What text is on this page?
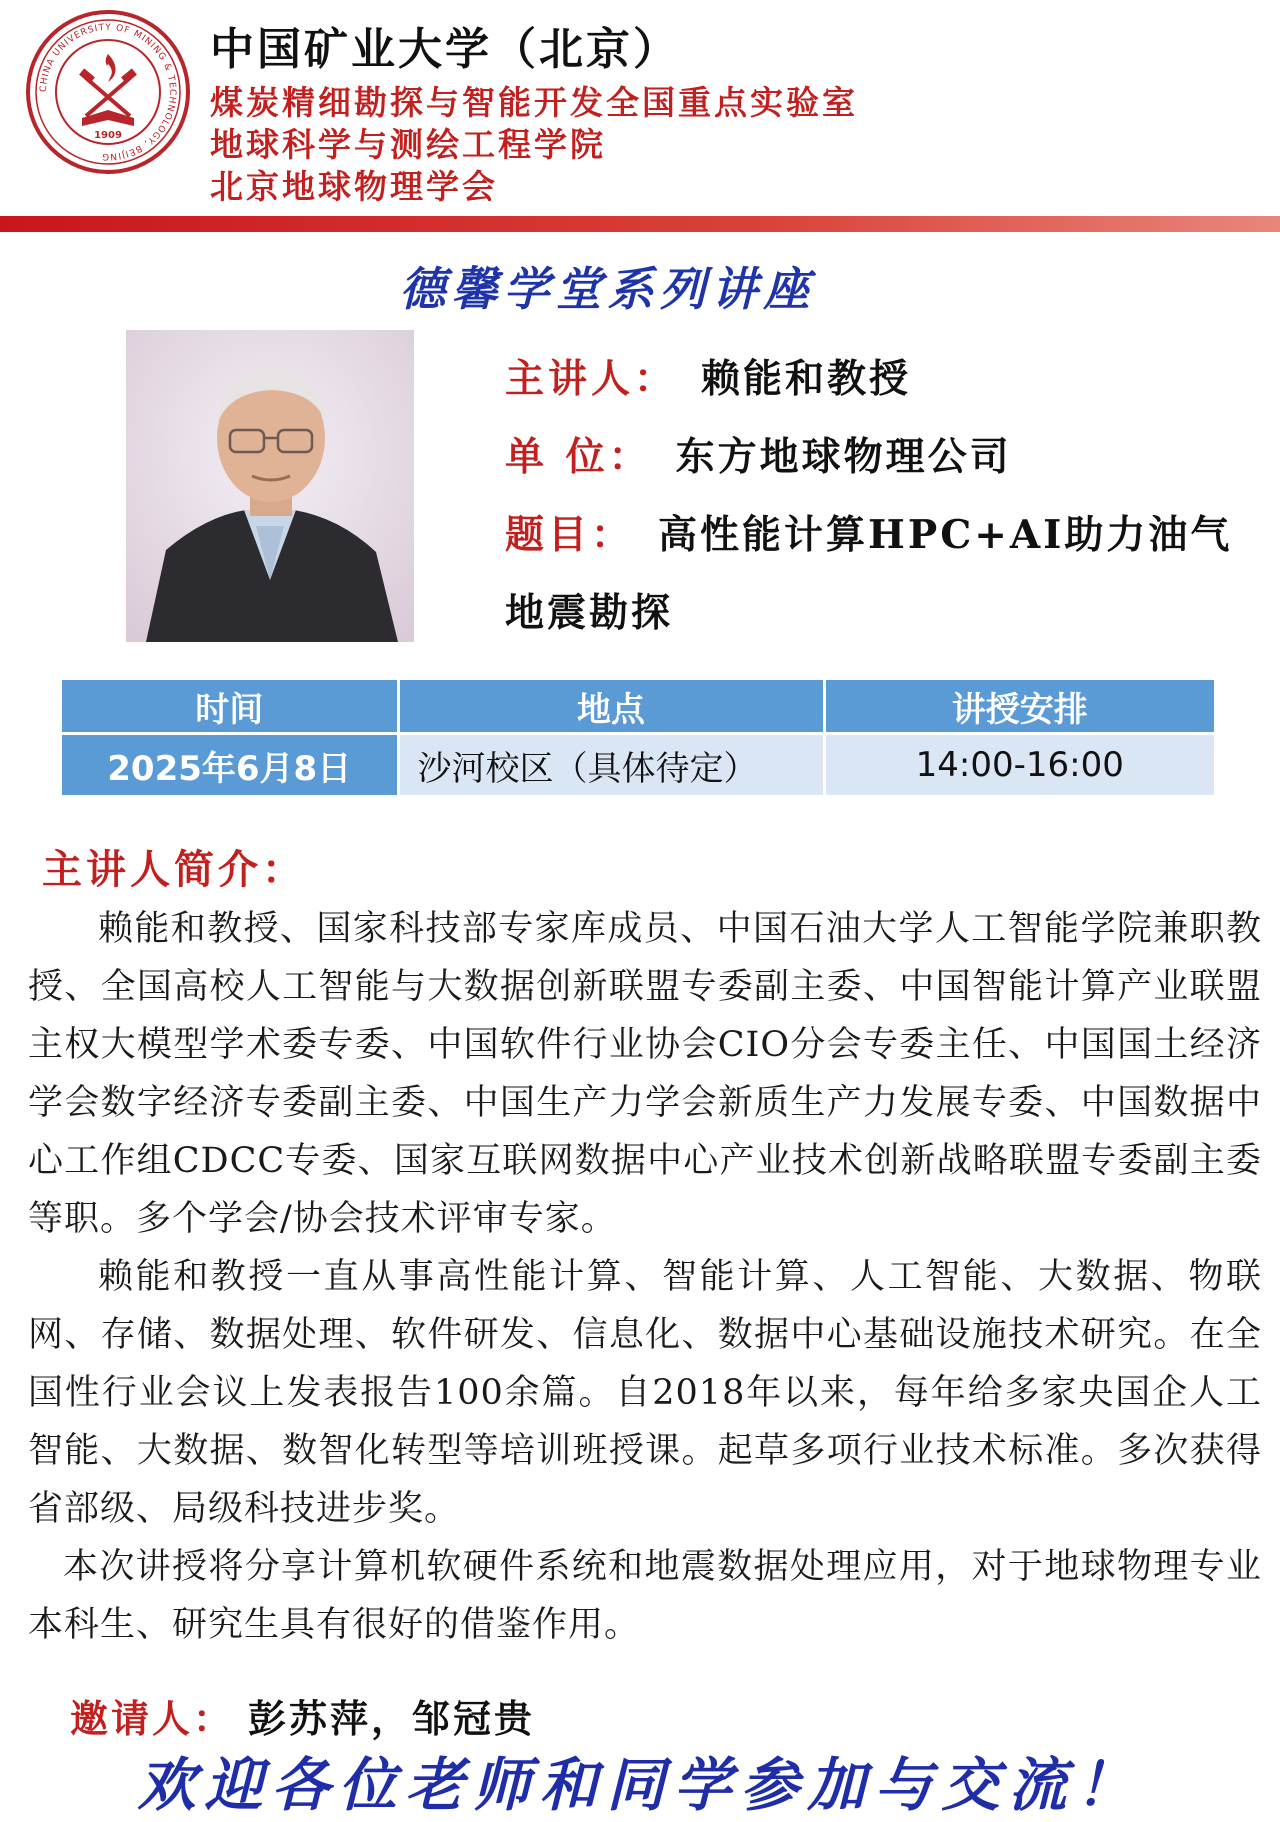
CHINA UNIVERSITY OF MINING & TECHNOLOGY, BEIJING
1909
中国矿业大学（北京）
煤炭精细勘探与智能开发全国重点实验室
地球科学与测绘工程学院
北京地球物理学会
德馨学堂系列讲座
主讲人： 赖能和教授
单 位： 东方地球物理公司
题目： 高性能计算HPC+AI助力油气
地震勘探
时间	地点	讲授安排
2025年6月8日	沙河校区（具体待定）	14:00-16:00
主讲人简介：

赖能和教授、国家科技部专家库成员、中国石油大学人工智能学院兼职教授、全国高校人工智能与大数据创新联盟专委副主委、中国智能计算产业联盟主权大模型学术委专委、中国软件行业协会CIO分会专委主任、中国国土经济学会数字经济专委副主委、中国生产力学会新质生产力发展专委、中国数据中心工作组CDCC专委、国家互联网数据中心产业技术创新战略联盟专委副主委等职。多个学会/协会技术评审专家。

赖能和教授一直从事高性能计算、智能计算、人工智能、大数据、物联网、存储、数据处理、软件研发、信息化、数据中心基础设施技术研究。在全国性行业会议上发表报告100余篇。自2018年以来，每年给多家央国企人工智能、大数据、数智化转型等培训班授课。起草多项行业技术标准。多次获得省部级、局级科技进步奖。

本次讲授将分享计算机软硬件系统和地震数据处理应用，对于地球物理专业本科生、研究生具有很好的借鉴作用。

邀请人： 彭苏萍，邹冠贵
欢迎各位老师和同学参加与交流！
